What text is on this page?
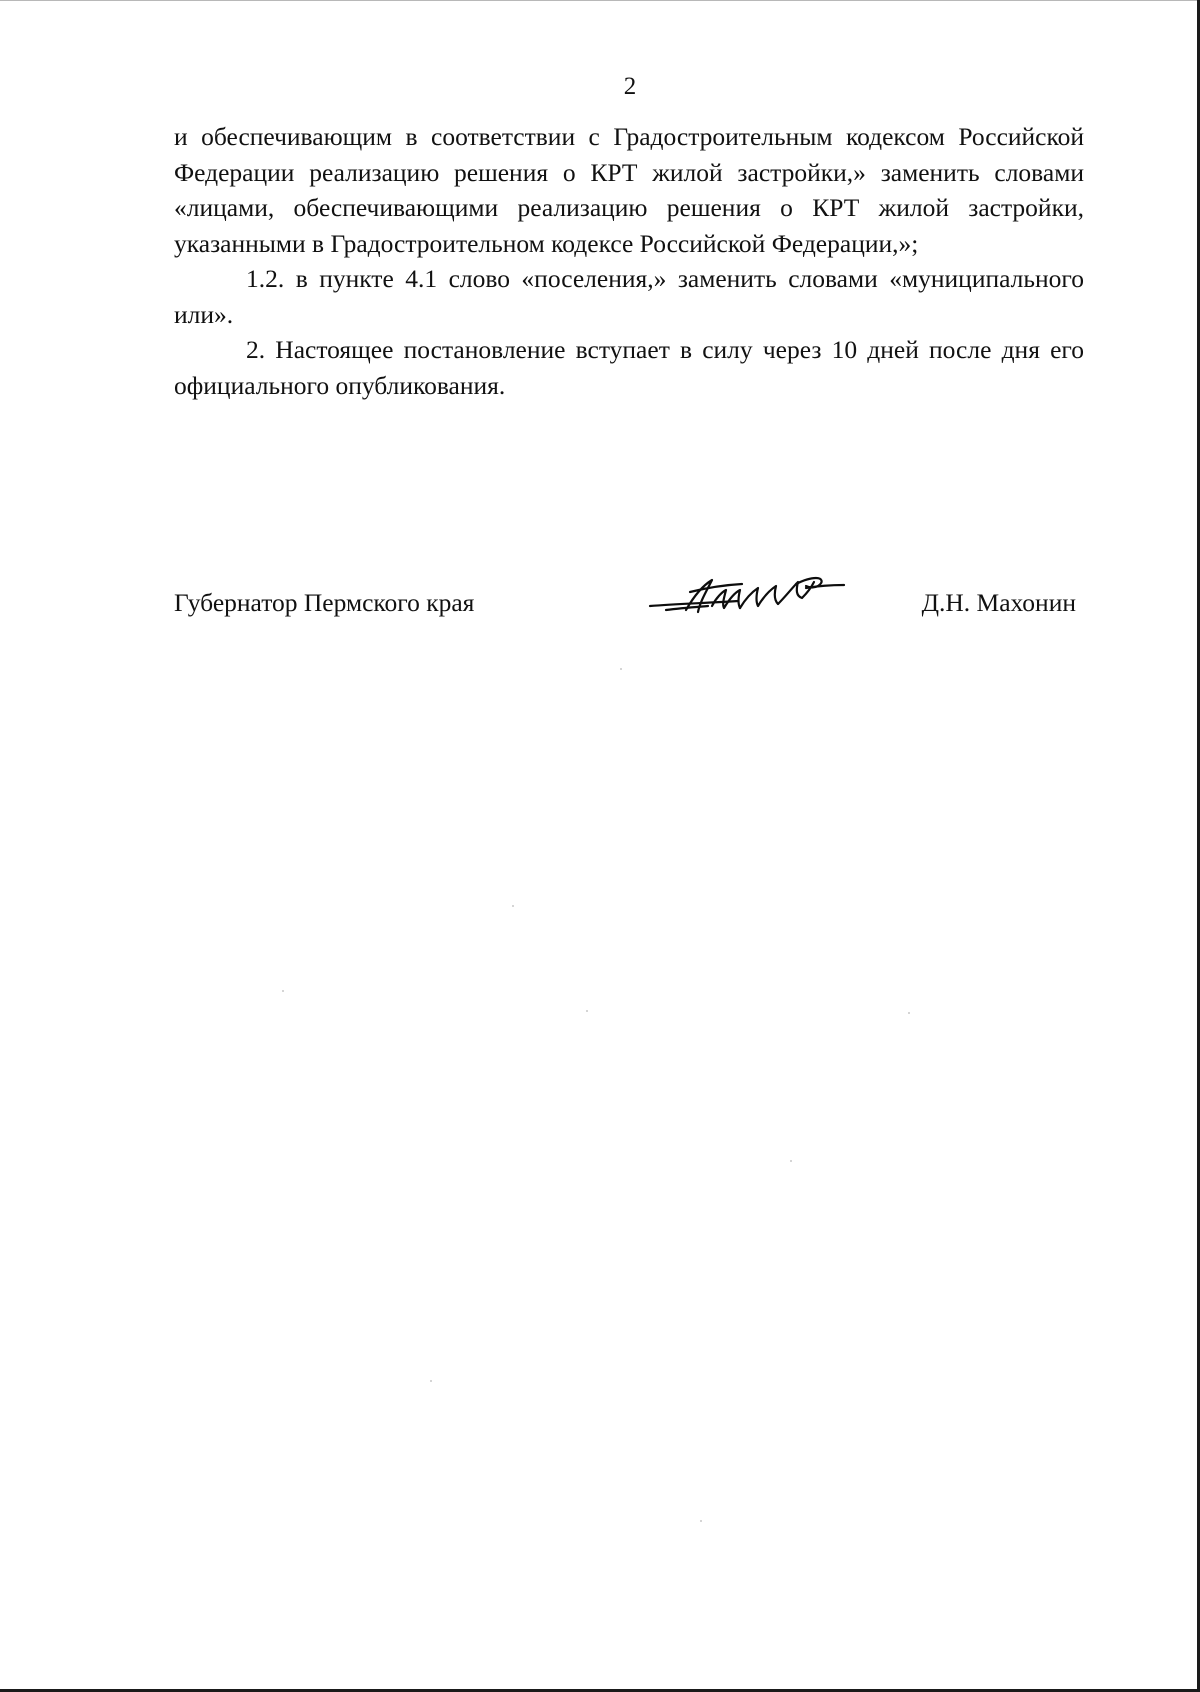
2

и обеспечивающим в соответствии с Градостроительным кодексом Российской Федерации реализацию решения о КРТ жилой застройки,» заменить словами «лицами, обеспечивающими реализацию решения о КРТ жилой застройки, указанными в Градостроительном кодексе Российской Федерации,»;

1.2. в пункте 4.1 слово «поселения,» заменить словами «муниципального или».

2. Настоящее постановление вступает в силу через 10 дней после дня его официального опубликования.

Губернатор Пермского края	Д.Н. Махонин
